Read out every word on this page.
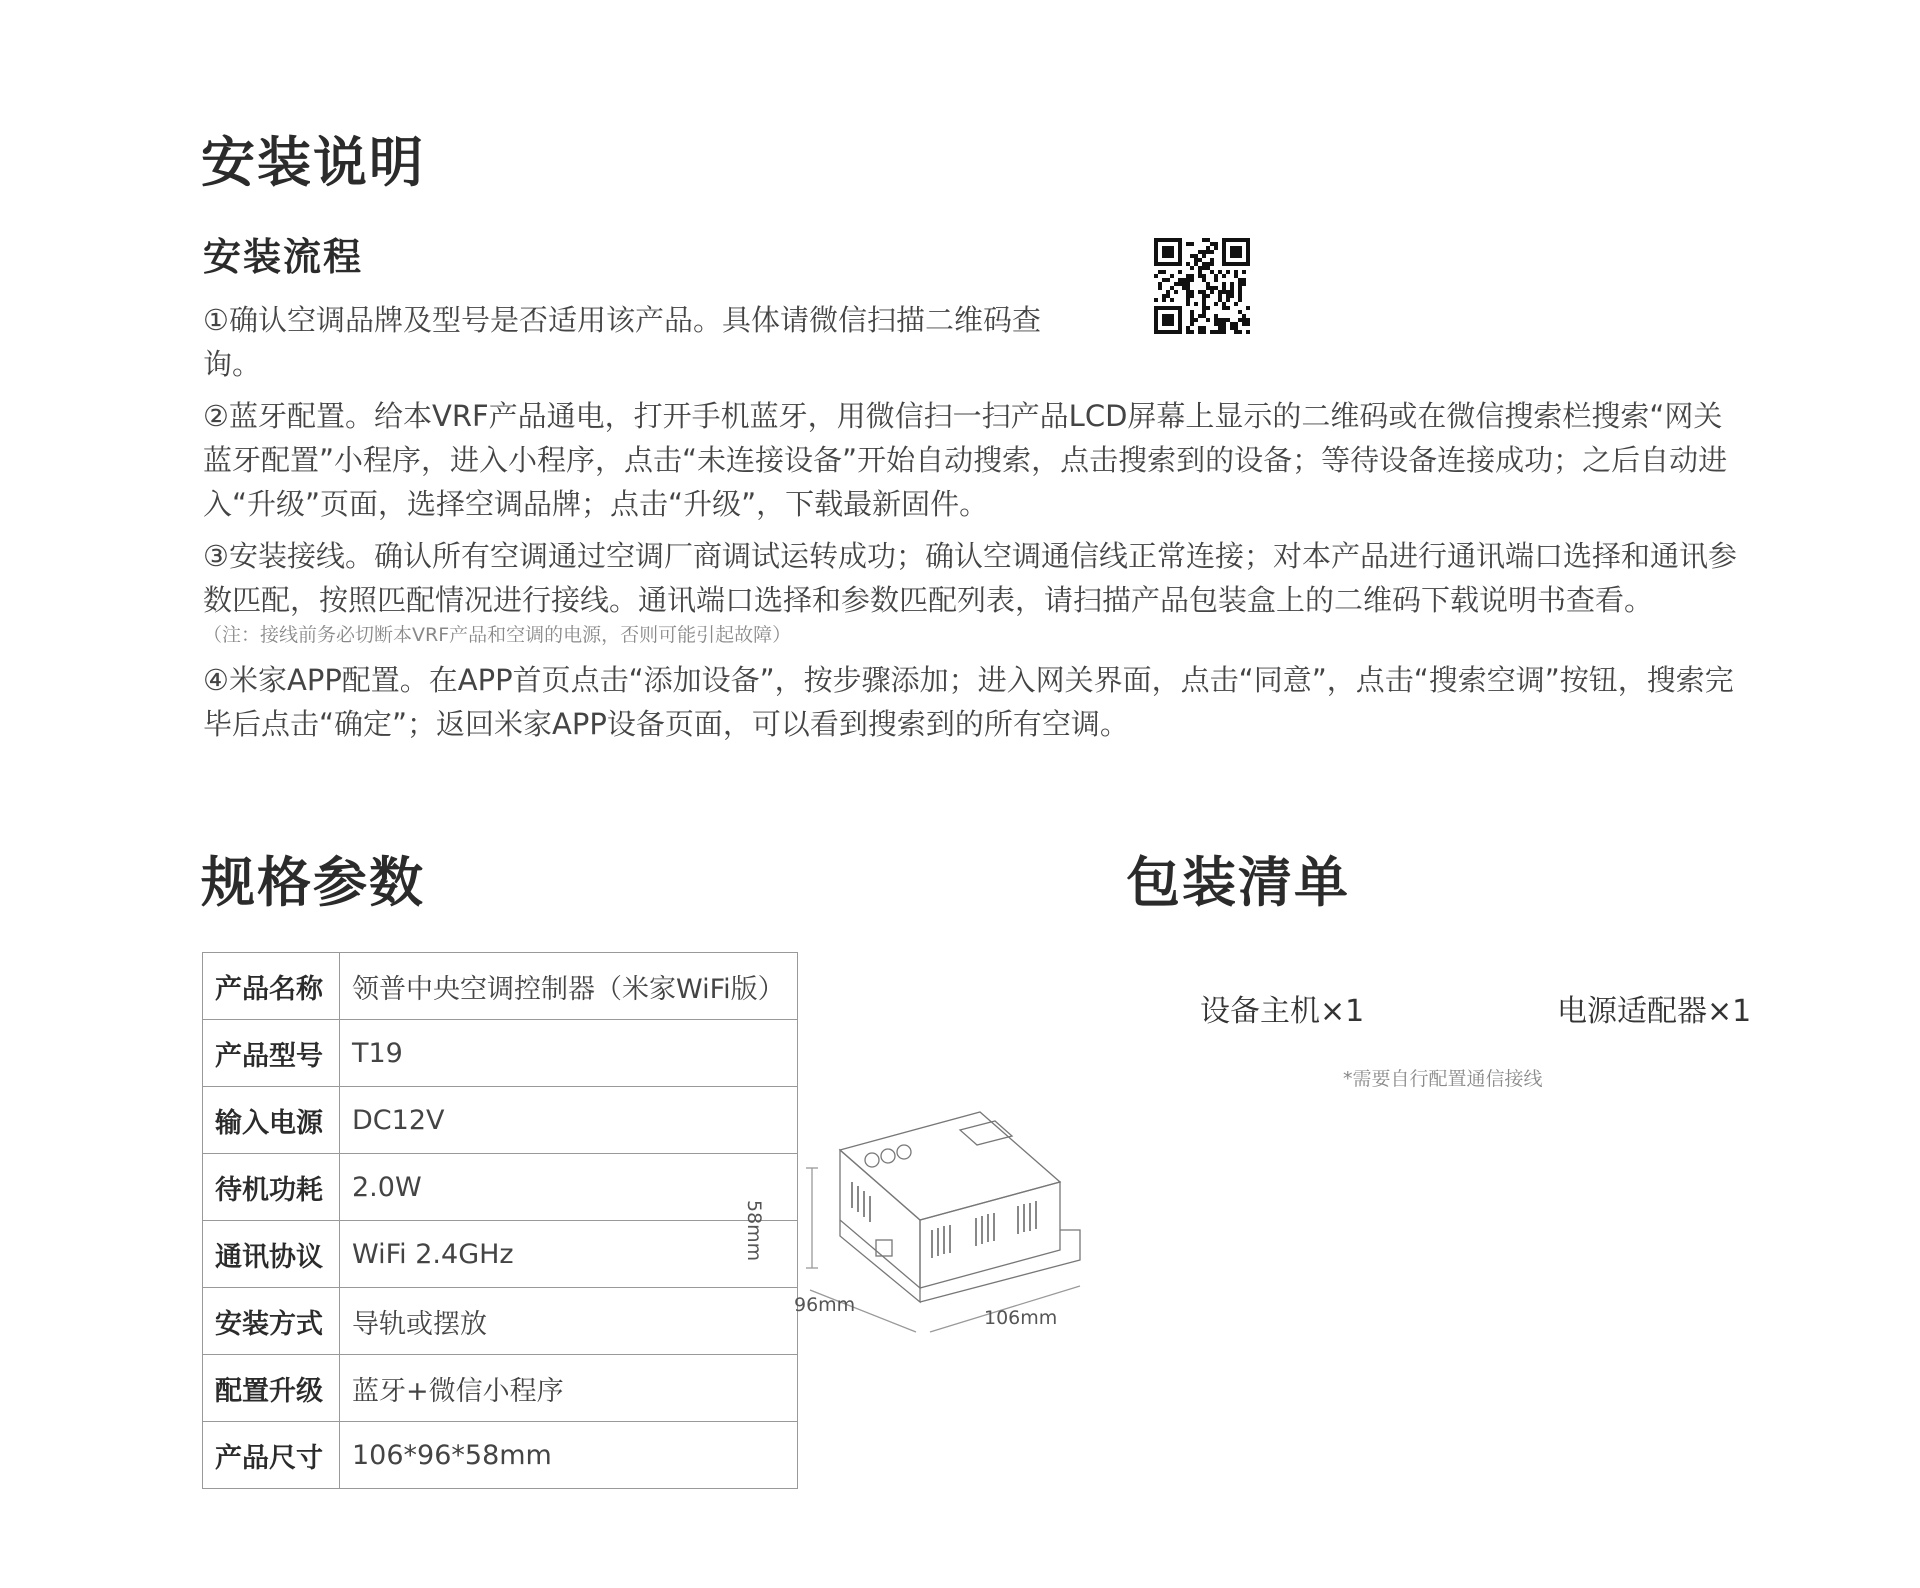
安装说明
安装流程

①确认空调品牌及型号是否适用该产品。具体请微信扫描二维码查询。

②蓝牙配置。给本VRF产品通电，打开手机蓝牙，用微信扫一扫产品LCD屏幕上显示的二维码或在微信搜索栏搜索“网关蓝牙配置”小程序，进入小程序，点击“未连接设备”开始自动搜索，点击搜索到的设备；等待设备连接成功；之后自动进入“升级”页面，选择空调品牌；点击“升级”，下载最新固件。

③安装接线。确认所有空调通过空调厂商调试运转成功；确认空调通信线正常连接；对本产品进行通讯端口选择和通讯参数匹配，按照匹配情况进行接线。通讯端口选择和参数匹配列表，请扫描产品包装盒上的二维码下载说明书查看。

（注：接线前务必切断本VRF产品和空调的电源，否则可能引起故障）

④米家APP配置。在APP首页点击“添加设备”，按步骤添加；进入网关界面，点击“同意”，点击“搜索空调”按钮，搜索完毕后点击“确定”；返回米家APP设备页面，可以看到搜索到的所有空调。

规格参数
产品名称	领普中央空调控制器（米家WiFi版）
产品型号	T19
输入电源	DC12V
待机功耗	2.0W
通讯协议	WiFi 2.4GHz
安装方式	导轨或摆放
配置升级	蓝牙+微信小程序
产品尺寸	106*96*58mm
58mm
96mm
106mm
包装清单
设备主机×1	电源适配器×1
*需要自行配置通信接线
